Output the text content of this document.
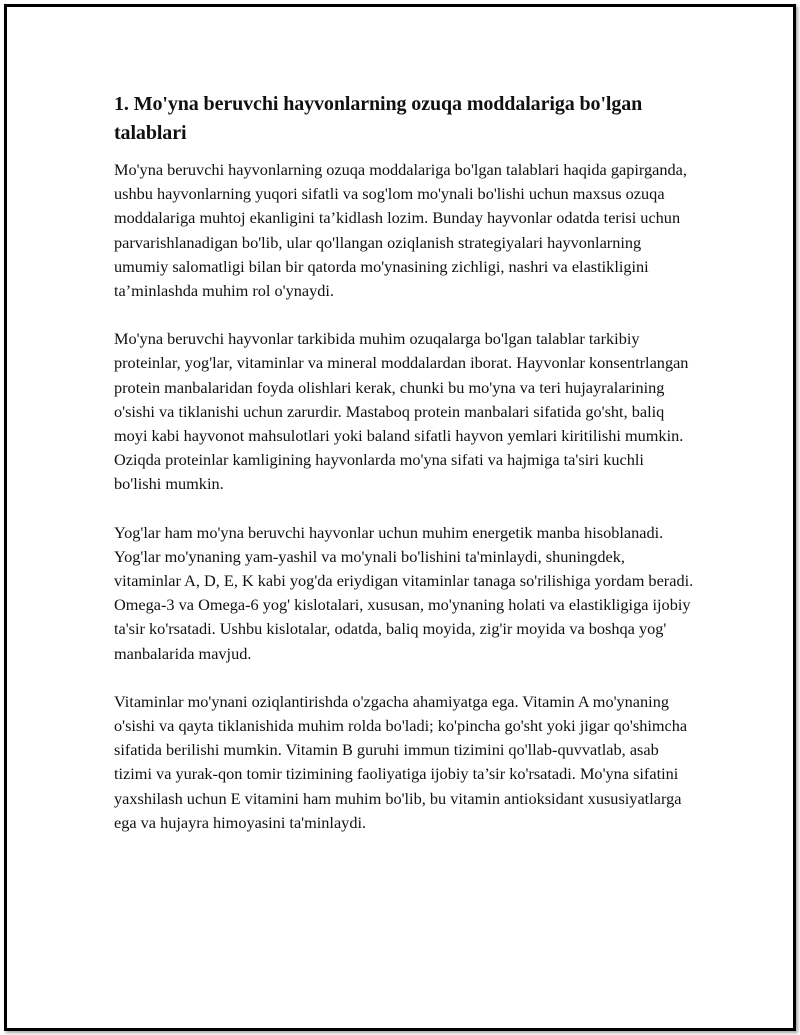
1. Mo'yna beruvchi hayvonlarning ozuqa moddalariga bo'lgan talablari

Mo'yna beruvchi hayvonlarning ozuqa moddalariga bo'lgan talablari haqida gapirganda, ushbu hayvonlarning yuqori sifatli va sog'lom mo'ynali bo'lishi uchun maxsus ozuqa moddalariga muhtoj ekanligini ta’kidlash lozim. Bunday hayvonlar odatda terisi uchun parvarishlanadigan bo'lib, ular qo'llangan oziqlanish strategiyalari hayvonlarning umumiy salomatligi bilan bir qatorda mo'ynasining zichligi, nashri va elastikligini ta’minlashda muhim rol o'ynaydi.

Mo'yna beruvchi hayvonlar tarkibida muhim ozuqalarga bo'lgan talablar tarkibiy proteinlar, yog'lar, vitaminlar va mineral moddalardan iborat. Hayvonlar konsentrlangan protein manbalaridan foyda olishlari kerak, chunki bu mo'yna va teri hujayralarining o'sishi va tiklanishi uchun zarurdir. Mastaboq protein manbalari sifatida go'sht, baliq moyi kabi hayvonot mahsulotlari yoki baland sifatli hayvon yemlari kiritilishi mumkin. Oziqda proteinlar kamligining hayvonlarda mo'yna sifati va hajmiga ta'siri kuchli bo'lishi mumkin.

Yog'lar ham mo'yna beruvchi hayvonlar uchun muhim energetik manba hisoblanadi. Yog'lar mo'ynaning yam-yashil va mo'ynali bo'lishini ta'minlaydi, shuningdek, vitaminlar A, D, E, K kabi yog'da eriydigan vitaminlar tanaga so'rilishiga yordam beradi. Omega-3 va Omega-6 yog' kislotalari, xususan, mo'ynaning holati va elastikligiga ijobiy ta'sir ko'rsatadi. Ushbu kislotalar, odatda, baliq moyida, zig'ir moyida va boshqa yog' manbalarida mavjud.

Vitaminlar mo'ynani oziqlantirishda o'zgacha ahamiyatga ega. Vitamin A mo'ynaning o'sishi va qayta tiklanishida muhim rolda bo'ladi; ko'pincha go'sht yoki jigar qo'shimcha sifatida berilishi mumkin. Vitamin B guruhi immun tizimini qo'llab-quvvatlab, asab tizimi va yurak-qon tomir tizimining faoliyatiga ijobiy ta’sir ko'rsatadi. Mo'yna sifatini yaxshilash uchun E vitamini ham muhim bo'lib, bu vitamin antioksidant xususiyatlarga ega va hujayra himoyasini ta'minlaydi.
